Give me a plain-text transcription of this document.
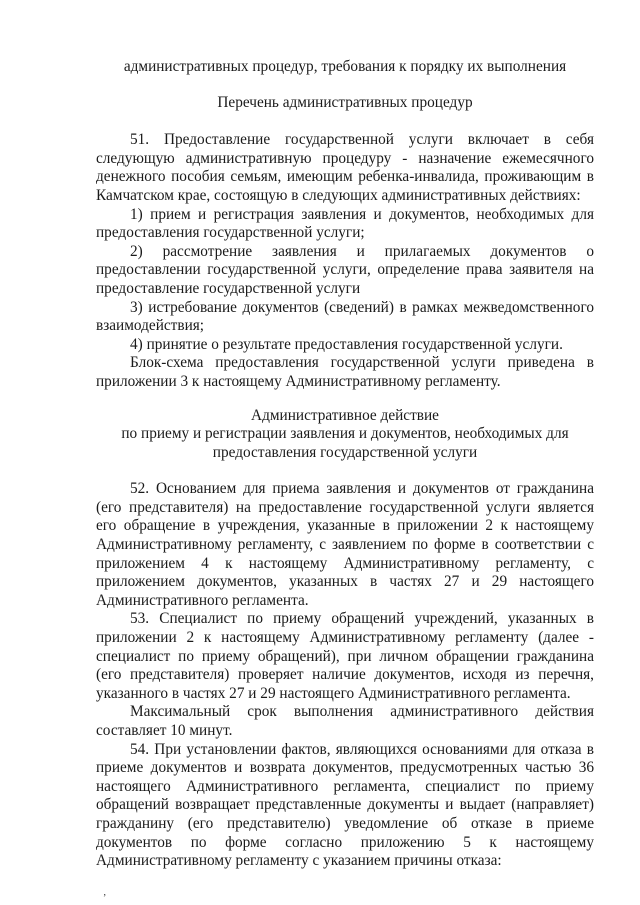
административных процедур, требования к порядку их выполнения
Перечень административных процедур

51. Предоставление государственной услуги включает в себя следующую административную процедуру - назначение ежемесячного денежного пособия семьям, имеющим ребенка-инвалида, проживающим в Камчатском крае, состоящую в следующих административных действиях:

1) прием и регистрация заявления и документов, необходимых для предоставления государственной услуги;

2) рассмотрение заявления и прилагаемых документов о предоставлении государственной услуги, определение права заявителя на предоставление государственной услуги

3) истребование документов (сведений) в рамках межведомственного взаимодействия;

4) принятие о результате предоставления государственной услуги.

Блок-схема предоставления государственной услуги приведена в приложении 3 к настоящему Административному регламенту.

Административное действие
по приему и регистрации заявления и документов, необходимых для
предоставления государственной услуги

52. Основанием для приема заявления и документов от гражданина (его представителя) на предоставление государственной услуги является его обращение в учреждения, указанные в приложении 2 к настоящему Административному регламенту, с заявлением по форме в соответствии с приложением 4 к настоящему Административному регламенту, с приложением документов, указанных в частях 27 и 29 настоящего Административного регламента.

53. Специалист по приему обращений учреждений, указанных в приложении 2 к настоящему Административному регламенту (далее - специалист по приему обращений), при личном обращении гражданина (его представителя) проверяет наличие документов, исходя из перечня, указанного в частях 27 и 29 настоящего Административного регламента.

Максимальный срок выполнения административного действия составляет 10 минут.

54. При установлении фактов, являющихся основаниями для отказа в приеме документов и возврата документов, предусмотренных частью 36 настоящего Административного регламента, специалист по приему обращений возвращает представленные документы и выдает (направляет) гражданину (его представителю) уведомление об отказе в приеме документов по форме согласно приложению 5 к настоящему Административному регламенту с указанием причины отказа:

‚
